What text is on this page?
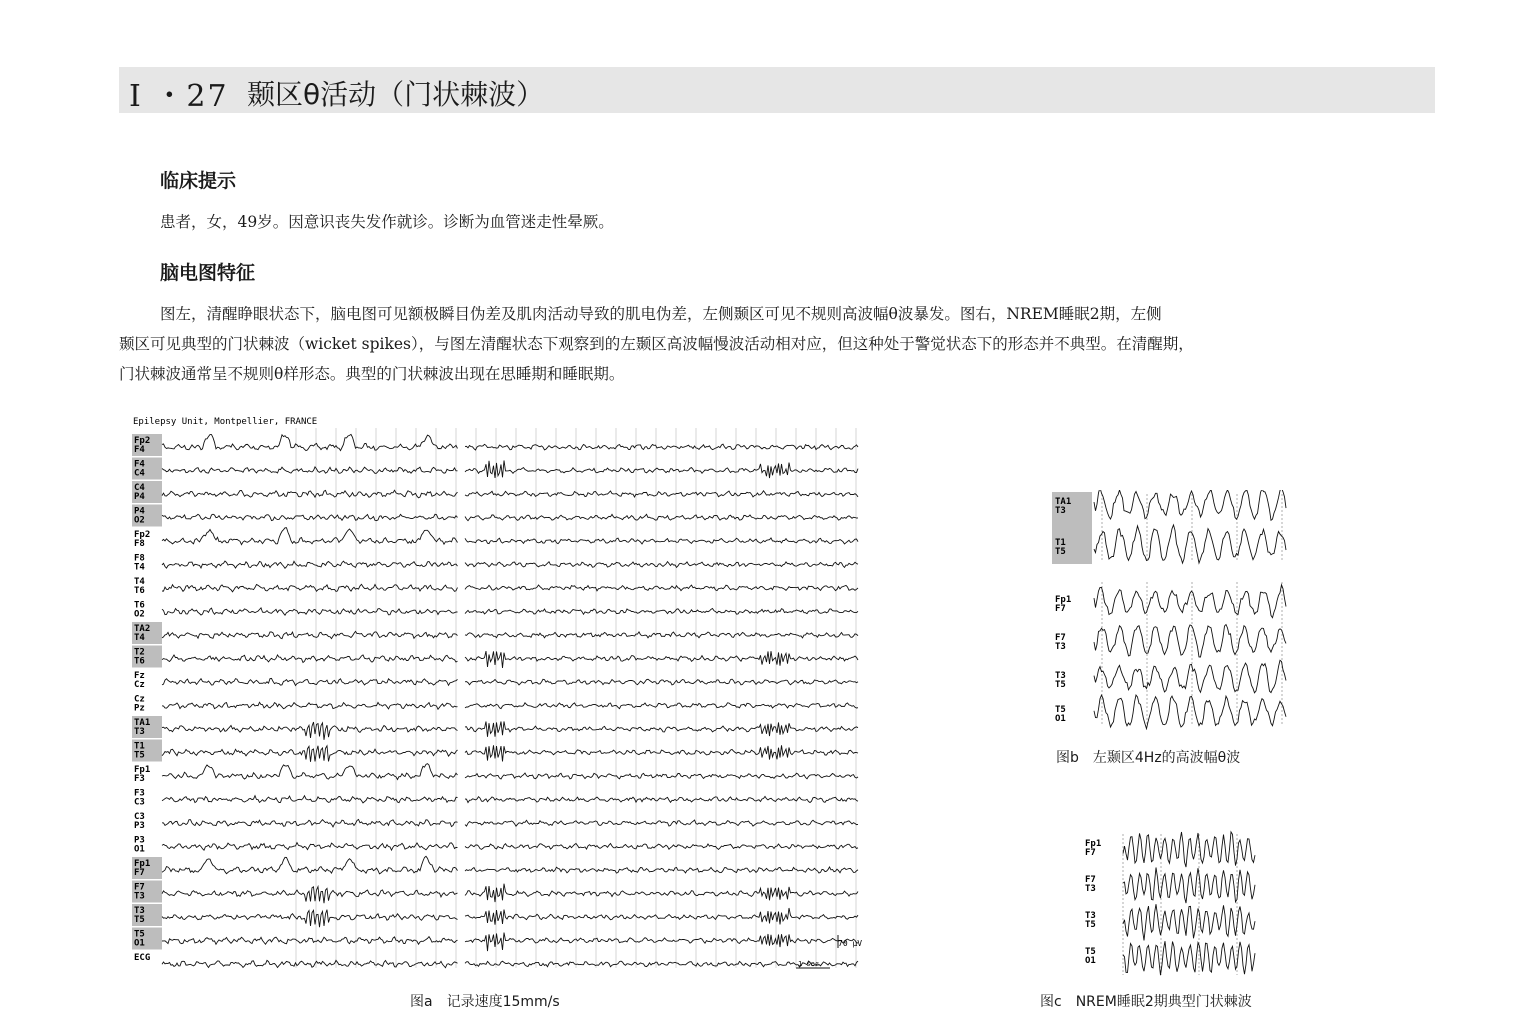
I ・27 颞区θ活动（门状棘波）
临床提示
患者，女，49岁。因意识丧失发作就诊。诊断为血管迷走性晕厥。
脑电图特征
图左，清醒睁眼状态下，脑电图可见额极瞬目伪差及肌肉活动导致的肌电伪差，左侧颞区可见不规则高波幅θ波暴发。图右，NREM睡眠2期，左侧
颞区可见典型的门状棘波（wicket spikes），与图左清醒状态下观察到的左颞区高波幅慢波活动相对应，但这种处于警觉状态下的形态并不典型。在清醒期，
门状棘波通常呈不规则θ样形态。典型的门状棘波出现在思睡期和睡眠期。
Epilepsy Unit, Montpellier, FRANCE
Fp2
F4
F4
C4
C4
P4
P4
O2
Fp2
F8
F8
T4
T4
T6
T6
O2
TA2
T4
T2
T6
Fz
Cz
Cz
Pz
TA1
T3
T1
T5
Fp1
F3
F3
C3
C3
P3
P3
O1
Fp1
F7
F7
T3
T3
T5
T5
O1
ECG
70 μV
1 sec
图a　记录速度15mm/s
TA1
T3
T1
T5
Fp1
F7
F7
T3
T3
T5
T5
O1
图b　左颞区4Hz的高波幅θ波
Fp1
F7
F7
T3
T3
T5
T5
O1
图c　NREM睡眠2期典型门状棘波
